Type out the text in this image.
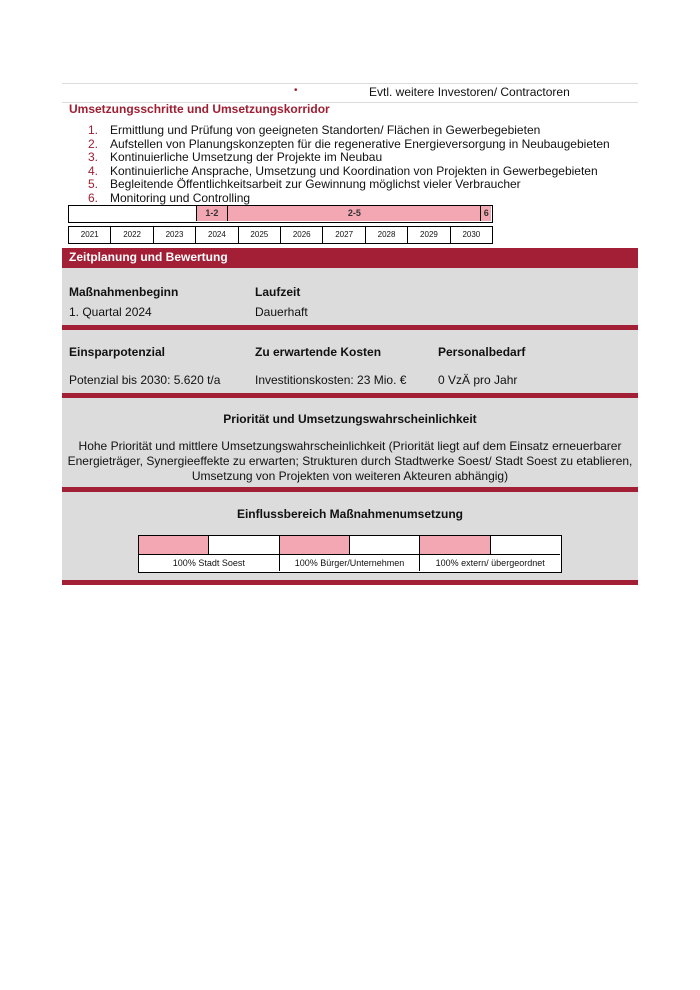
•	Evtl. weitere Investoren/ Contractoren
Umsetzungsschritte und Umsetzungskorridor
1. Ermittlung und Prüfung von geeigneten Standorten/ Flächen in Gewerbegebieten
2. Aufstellen von Planungskonzepten für die regenerative Energieversorgung in Neubaugebieten
3. Kontinuierliche Umsetzung der Projekte im Neubau
4. Kontinuierliche Ansprache, Umsetzung und Koordination von Projekten in Gewerbegebieten
5. Begleitende Öffentlichkeitsarbeit zur Gewinnung möglichst vieler Verbraucher
6. Monitoring und Controlling
1-2	2-5	6
2021	2022	2023	2024	2025	2026	2027	2028	2029	2030
Zeitplanung und Bewertung
Maßnahmenbeginn	Laufzeit
1. Quartal 2024	Dauerhaft
Einsparpotenzial	Zu erwartende Kosten	Personalbedarf
Potenzial bis 2030: 5.620 t/a	Investitionskosten: 23 Mio. €	0 VzÄ pro Jahr
Priorität und Umsetzungswahrscheinlichkeit
Hohe Priorität und mittlere Umsetzungswahrscheinlichkeit (Priorität liegt auf dem Einsatz erneuerbarer
Energieträger, Synergieeffekte zu erwarten; Strukturen durch Stadtwerke Soest/ Stadt Soest zu etablieren,
Umsetzung von Projekten von weiteren Akteuren abhängig)
Einflussbereich Maßnahmenumsetzung
100% Stadt Soest	100% Bürger/Unternehmen	100% extern/ übergeordnet
